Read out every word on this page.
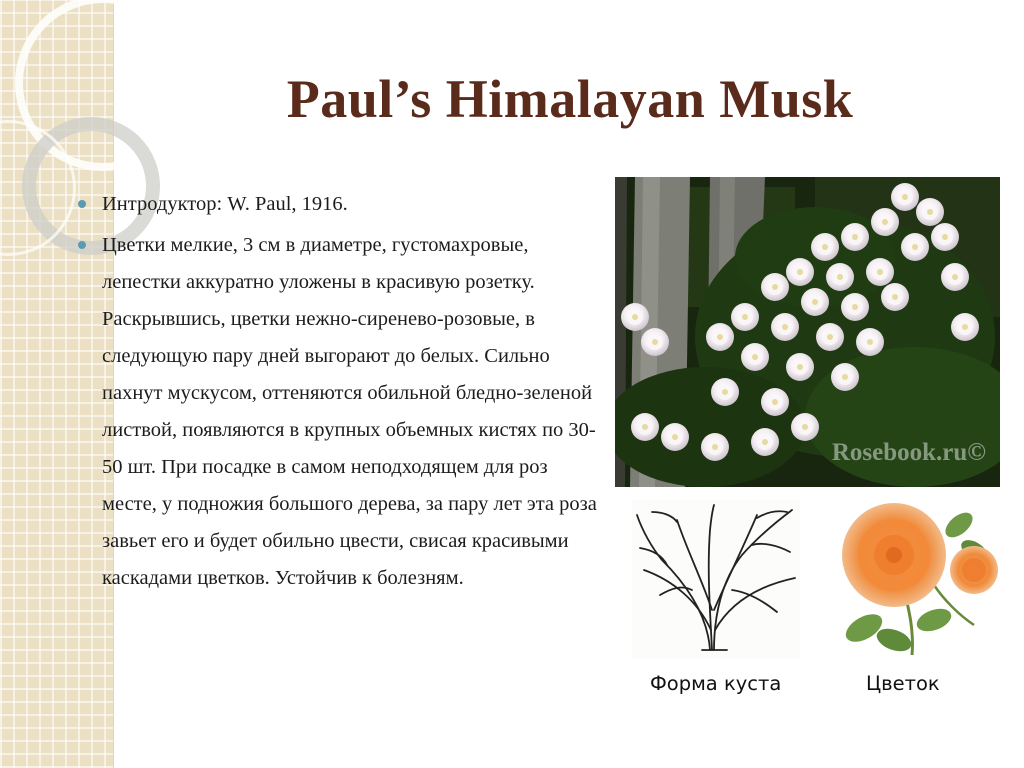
Paul’s Himalayan Musk
Интродуктор: W. Paul, 1916.
Цветки мелкие, 3 см в диаметре, густомахровые, лепестки аккуратно уложены в красивую розетку. Раскрывшись, цветки нежно-сиренево-розовые, в следующую пару дней выгорают до белых. Сильно пахнут мускусом, оттеняются обильной бледно-зеленой листвой, появляются в крупных объемных кистях по 30-50 шт. При посадке в самом неподходящем для роз месте, у подножия большого дерева, за пару лет эта роза завьет его и будет обильно цвести, свисая красивыми каскадами цветков. Устойчив к болезням.
Rosebook.ru©
Форма куста	Цветок
